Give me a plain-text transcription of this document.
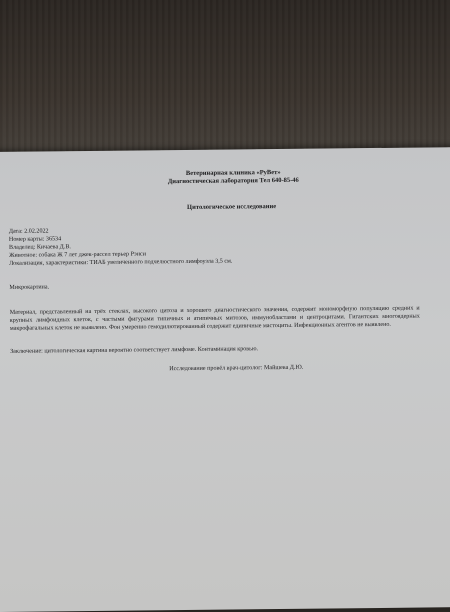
Ветеринарная клиника «РуВет»
Диагностическая лаборатория Тел 640-85-46
Цитологическое исследование
Дата: 2.02.2022
Номер карты: 36534
Владелец: Кичаева Д.В.
Животное: собака Ж 7 лет джек-рассел терьер Рэнси
Локализация, характеристики: ТИАБ увеличенного подчелюстного лимфоузла 3,5 см.
Микрокартина.
Материал, представленный на трёх стеклах, высокого цитоза и хорошего диагностического значения, содержит мономорфную популяцию средних и крупных лимфоидных клеток, с частыми фигурами типичных и атипичных митозов, иммунобластами и центроцитами. Гигантских многоядерных макрофагальных клеток не выявлено. Фон умеренно гемодилютированный содержит единичные мастоциты. Инфекционных агентов не выявлено.
Заключение: цитологическая картина вероятно соответствует лимфоме. Контаминация кровью.
Исследование провёл врач-цитолог: Майшева Д.Ю.
